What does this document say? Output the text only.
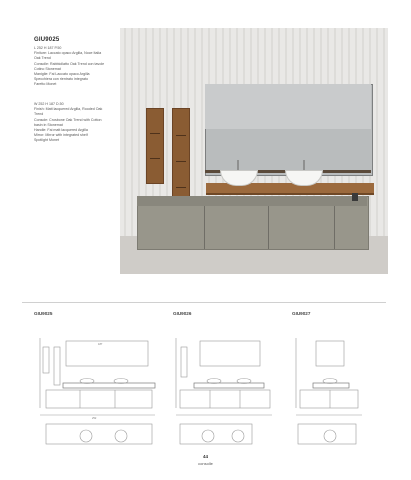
GIU9025
L 252 H 187 P.50
Finiture: Laccato opaco Argilla, Noce Italia
Oak Trend
Consolle: Rabbiollatto Oak Trend con tavole
Cotino Stonemat
Maniglie: Fai Laccato opaco Argilla
Specchiera con rientrato integrato
Faretto Monet
W 252 H 187 D.50
Finish: Matt lacquered Argilla, Rooded Oak
Trend
Console: Crosbone Oak Trend with Cotton
basin in Stonemat
Handle: Fai matt lacquered Argilla
Mirror: Mirror with integrated shelf
Spotlight Monet
GIU9025	GIU9026	GIU9027
187
252
44
consolle
